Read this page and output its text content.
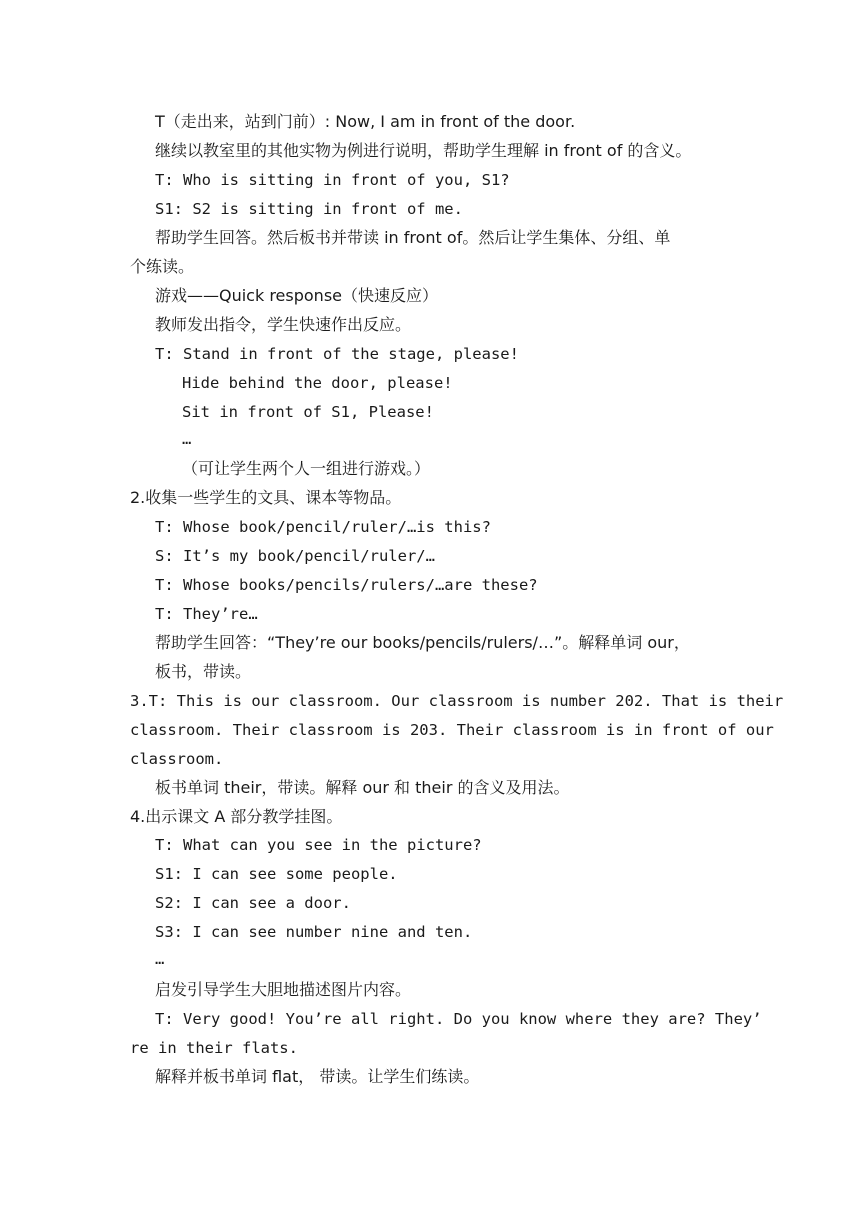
T（走出来，站到门前）: Now, I am in front of the door.
继续以教室里的其他实物为例进行说明，帮助学生理解 in front of 的含义。
T: Who is sitting in front of you, S1?
S1: S2 is sitting in front of me.
帮助学生回答。然后板书并带读 in front of。然后让学生集体、分组、单
个练读。
游戏——Quick response（快速反应）
教师发出指令，学生快速作出反应。
T: Stand in front of the stage, please!
Hide behind the door, please!
Sit in front of S1, Please!
…
（可让学生两个人一组进行游戏。）
2.收集一些学生的文具、课本等物品。
T: Whose book/pencil/ruler/…is this?
S: It’s my book/pencil/ruler/…
T: Whose books/pencils/rulers/…are these?
T: They’re…
帮助学生回答：“They’re our books/pencils/rulers/…”。解释单词 our，
板书，带读。
3.T: This is our classroom. Our classroom is number 202. That is their
classroom. Their classroom is 203. Their classroom is in front of our
classroom.
板书单词 their，带读。解释 our 和 their 的含义及用法。
4.出示课文 A 部分教学挂图。
T: What can you see in the picture?
S1: I can see some people.
S2: I can see a door.
S3: I can see number nine and ten.
…
启发引导学生大胆地描述图片内容。
T: Very good! You’re all right. Do you know where they are? They’
re in their flats.
解释并板书单词 flat， 带读。让学生们练读。
